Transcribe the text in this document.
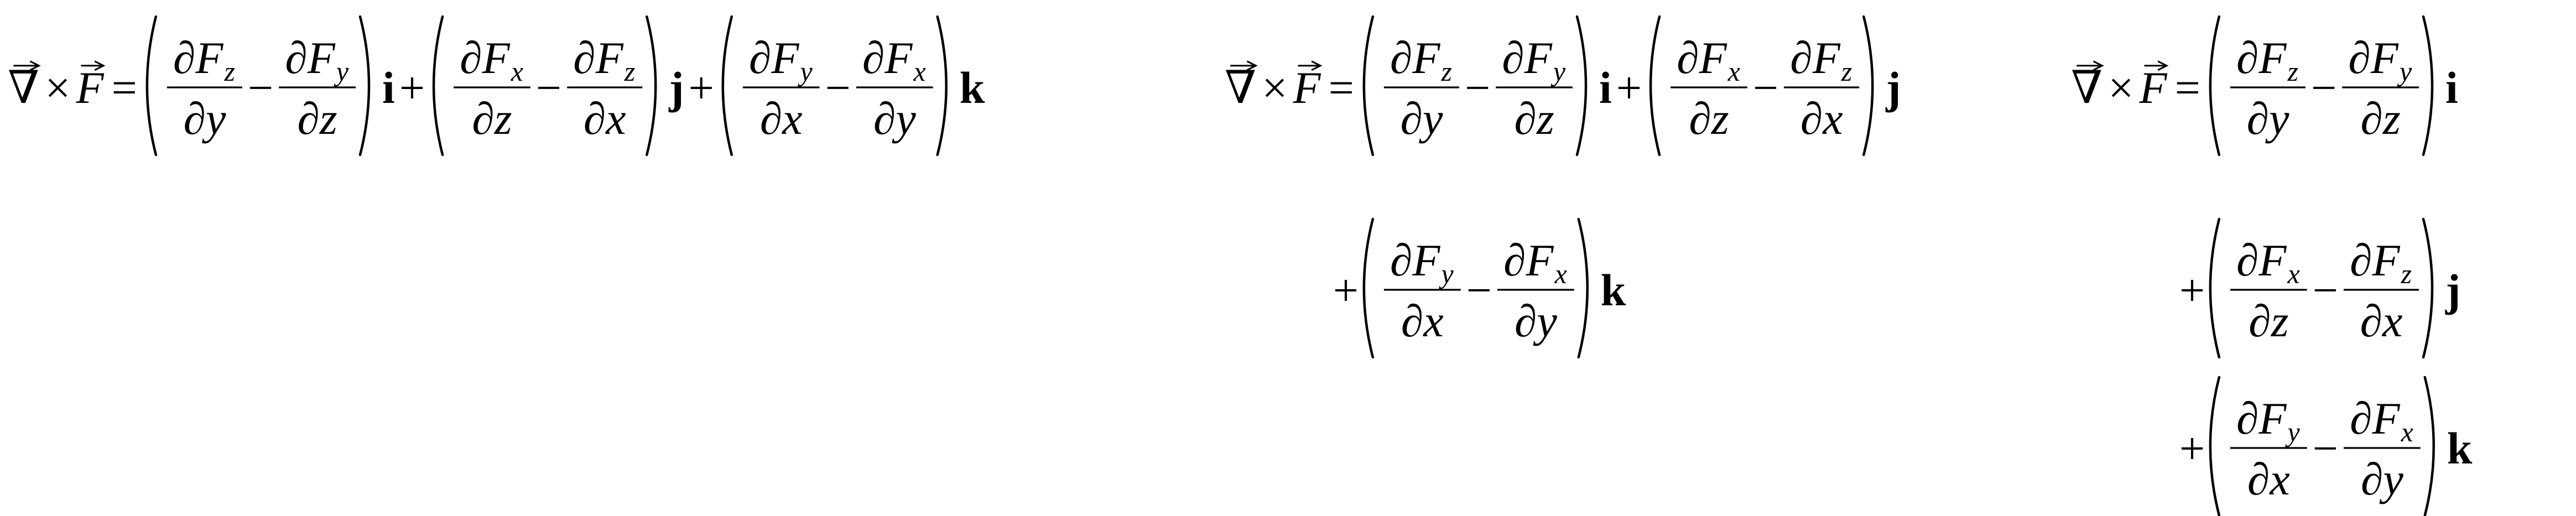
∇ × F =
∂ F z
∂ y
−
∂ F y
∂ z
i +
∂ F x
∂ z
−
∂ F z
∂ x
j +
∂ F y
∂ x
−
∂ F x
∂ y
k	∇ × F =
∂ F z
∂ y
−
∂ F y
∂ z
i +
∂ F x
∂ z
−
∂ F z
∂ x
j
+
∂ F y
∂ x
−
∂ F x
∂ y
k
∇ × F =
∂ F z
∂ y
−
∂ F y
∂ z
i
+
∂ F x
∂ z
−
∂ F z
∂ x
j
+
∂ F y
∂ x
−
∂ F x
∂ y
k
